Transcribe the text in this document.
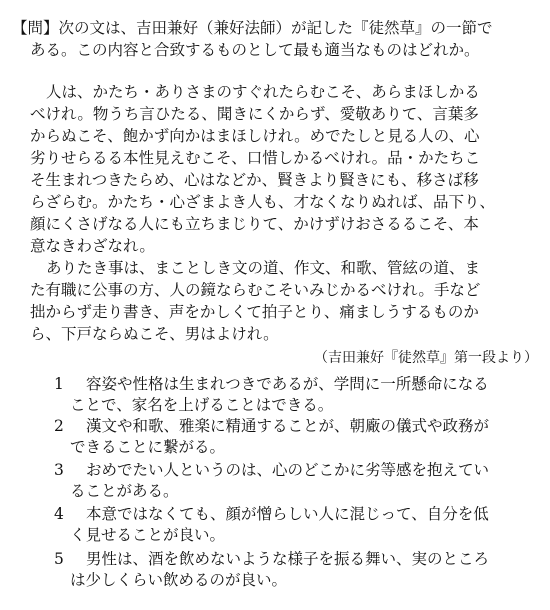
【問】次の文は、吉田兼好（兼好法師）が記した『徒然草』の一節で
ある。この内容と合致するものとして最も適当なものはどれか。
人は、かたち・ありさまのすぐれたらむこそ、あらまほしかる
べけれ。物うち言ひたる、聞きにくからず、愛敬ありて、言葉多
からぬこそ、飽かず向かはまほしけれ。めでたしと見る人の、心
劣りせらるる本性見えむこそ、口惜しかるべけれ。品・かたちこ
そ生まれつきたらめ、心はなどか、賢きより賢きにも、移さば移
らざらむ。かたち・心ざまよき人も、才なくなりぬれば、品下り、
顔にくさげなる人にも立ちまじりて、かけずけおさるるこそ、本
意なきわざなれ。
ありたき事は、まことしき文の道、作文、和歌、管絃の道、ま
た有職に公事の方、人の鏡ならむこそいみじかるべけれ。手など
拙からず走り書き、声をかしくて拍子とり、痛ましうするものか
ら、下戸ならぬこそ、男はよけれ。
（吉田兼好『徒然草』第一段より）
1 容姿や性格は生まれつきであるが、学問に一所懸命になる
ことで、家名を上げることはできる。
2 漢文や和歌、雅楽に精通することが、朝廠の儀式や政務が
できることに繋がる。
3 おめでたい人というのは、心のどこかに劣等感を抱えてい
ることがある。
4 本意ではなくても、顔が憎らしい人に混じって、自分を低
く見せることが良い。
5 男性は、酒を飲めないような様子を振る舞い、実のところ
は少しくらい飲めるのが良い。
